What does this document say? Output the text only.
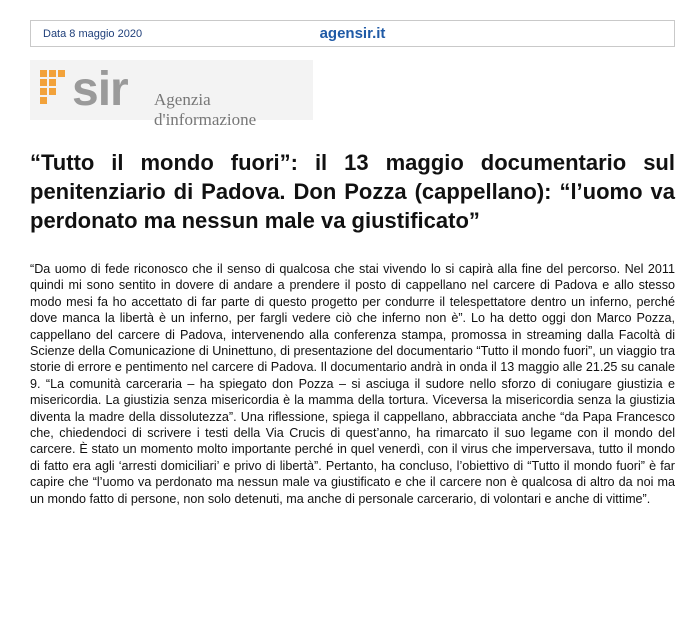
Data 8 maggio 2020	agensir.it
sir Agenzia d'informazione
“Tutto il mondo fuori”: il 13 maggio documentario sul penitenziario di Padova. Don Pozza (cappellano): “l’uomo va perdonato ma nessun male va giustificato”

“Da uomo di fede riconosco che il senso di qualcosa che stai vivendo lo si capirà alla fine del percorso. Nel 2011 quindi mi sono sentito in dovere di andare a prendere il posto di cappellano nel carcere di Padova e allo stesso modo mesi fa ho accettato di far parte di questo progetto per condurre il telespettatore dentro un inferno, perché dove manca la libertà è un inferno, per fargli vedere ciò che inferno non è”. Lo ha detto oggi don Marco Pozza, cappellano del carcere di Padova, intervenendo alla conferenza stampa, promossa in streaming dalla Facoltà di Scienze della Comunicazione di Uninettuno, di presentazione del documentario “Tutto il mondo fuori”, un viaggio tra storie di errore e pentimento nel carcere di Padova. Il documentario andrà in onda il 13 maggio alle 21.25 su canale 9. “La comunità carceraria – ha spiegato don Pozza – si asciuga il sudore nello sforzo di coniugare giustizia e misericordia. La giustizia senza misericordia è la mamma della tortura. Viceversa la misericordia senza la giustizia diventa la madre della dissolutezza”. Una riflessione, spiega il cappellano, abbracciata anche “da Papa Francesco che, chiedendoci di scrivere i testi della Via Crucis di quest’anno, ha rimarcato il suo legame con il mondo del carcere. È stato un momento molto importante perché in quel venerdì, con il virus che imperversava, tutto il mondo di fatto era agli ‘arresti domiciliari’ e privo di libertà”. Pertanto, ha concluso, l’obiettivo di “Tutto il mondo fuori” è far capire che “l’uomo va perdonato ma nessun male va giustificato e che il carcere non è qualcosa di altro da noi ma un mondo fatto di persone, non solo detenuti, ma anche di personale carcerario, di volontari e anche di vittime”.
